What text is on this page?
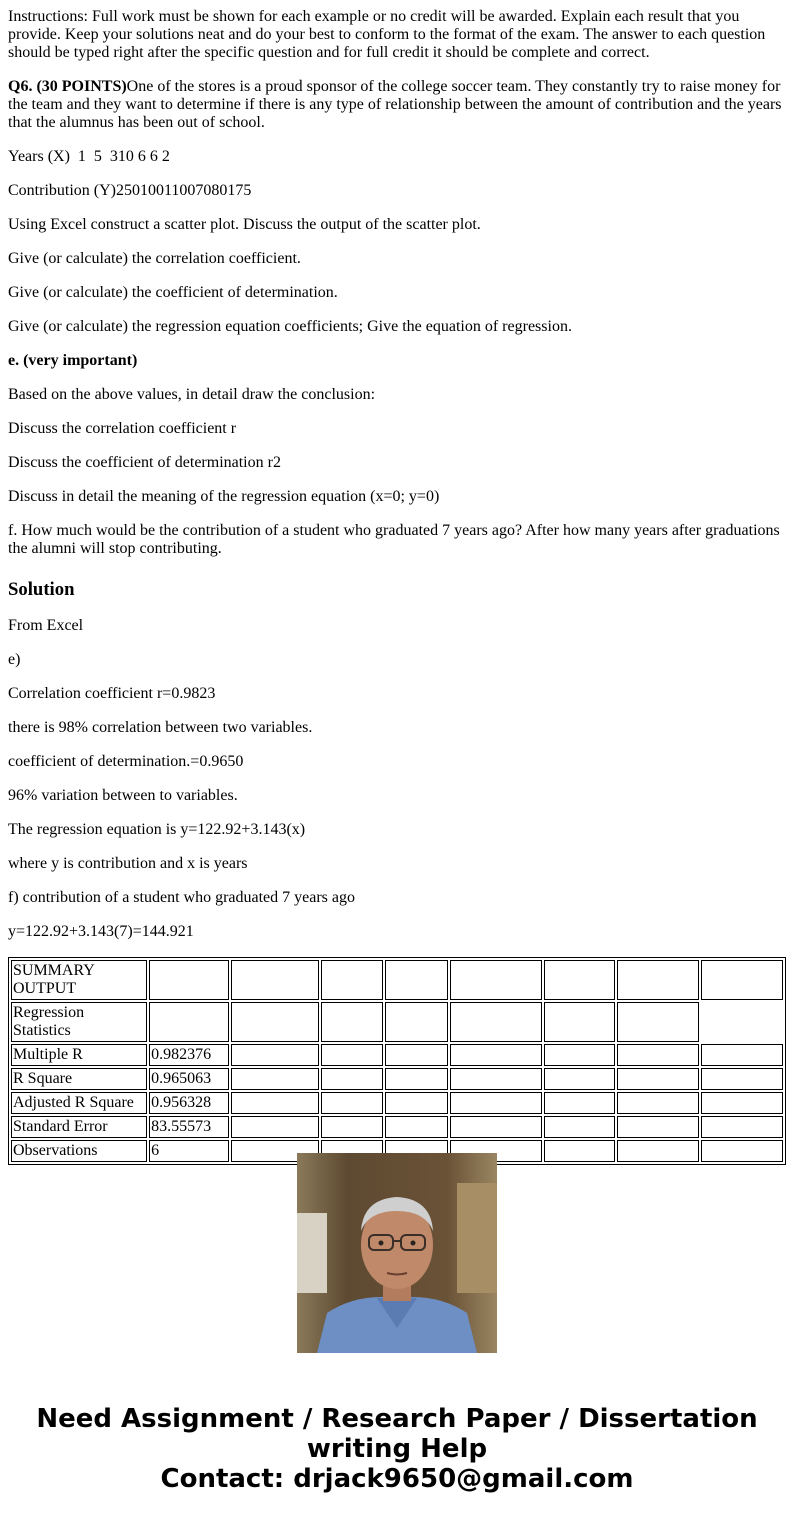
Instructions: Full work must be shown for each example or no credit will be awarded. Explain each result that you provide. Keep your solutions neat and do your best to conform to the format of the exam. The answer to each question should be typed right after the specific question and for full credit it should be complete and correct.

Q6. (30 POINTS)One of the stores is a proud sponsor of the college soccer team. They constantly try to raise money for the team and they want to determine if there is any type of relationship between the amount of contribution and the years that the alumnus has been out of school.

Years (X)  1  5  310 6 6 2

Contribution (Y)25010011007080175

Using Excel construct a scatter plot. Discuss the output of the scatter plot.

Give (or calculate) the correlation coefficient.

Give (or calculate) the coefficient of determination.

Give (or calculate) the regression equation coefficients; Give the equation of regression.

e. (very important)

Based on the above values, in detail draw the conclusion:

Discuss the correlation coefficient r

Discuss the coefficient of determination r2

Discuss in detail the meaning of the regression equation (x=0; y=0)

f. How much would be the contribution of a student who graduated 7 years ago? After how many years after graduations the alumni will stop contributing.

Solution

From Excel

e)

Correlation coefficient r=0.9823

there is 98% correlation between two variables.

coefficient of determination.=0.9650

96% variation between to variables.

The regression equation is y=122.92+3.143(x)

where y is contribution and x is years

f) contribution of a student who graduated 7 years ago

y=122.92+3.143(7)=144.921

SUMMARY OUTPUT								
Regression Statistics								
Multiple R	0.982376							
R Square	0.965063							
Adjusted R Square	0.956328							
Standard Error	83.55573							
Observations	6							
Need Assignment / Research Paper / Dissertation
writing Help
Contact: drjack9650@gmail.com
